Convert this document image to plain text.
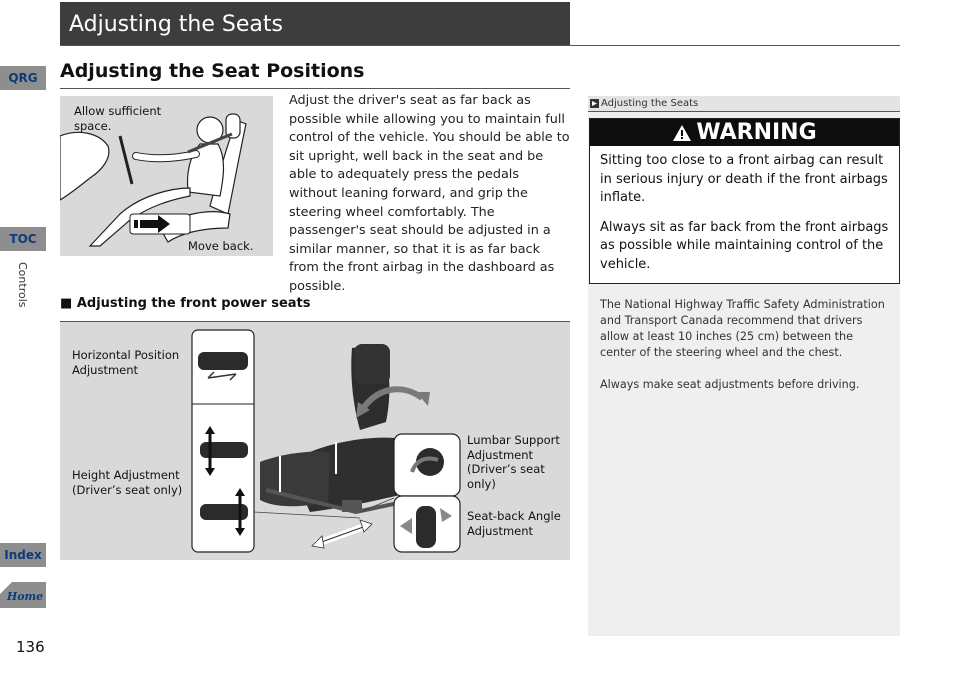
QRG
TOC
Controls
Index
Home
136
Adjusting the Seats
Adjusting the Seat Positions
Allow sufficient space.
Move back.
Adjust the driver's seat as far back as possible while allowing you to maintain full control of the vehicle. You should be able to sit upright, well back in the seat and be able to adequately press the pedals without leaning forward, and grip the steering wheel comfortably. The passenger's seat should be adjusted in a similar manner, so that it is as far back from the front airbag in the dashboard as possible.
■ Adjusting the front power seats
Horizontal Position Adjustment
Height Adjustment (Driver’s seat only)
Lumbar Support Adjustment (Driver’s seat only)
Seat-back Angle Adjustment
Adjusting the Seats
WARNING

Sitting too close to a front airbag can result in serious injury or death if the front airbags inflate.

Always sit as far back from the front airbags as possible while maintaining control of the vehicle.

The National Highway Traffic Safety Administration and Transport Canada recommend that drivers allow at least 10 inches (25 cm) between the center of the steering wheel and the chest.

Always make seat adjustments before driving.
